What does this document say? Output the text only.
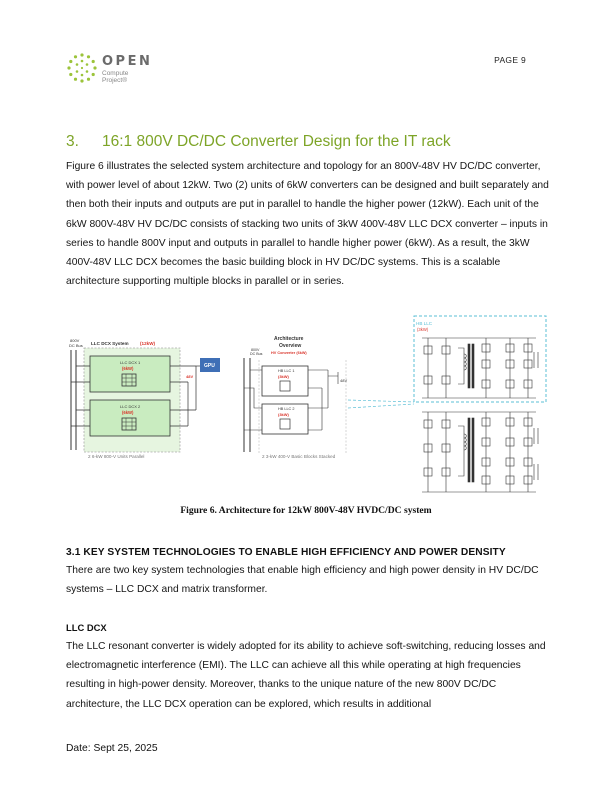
OPEN
Compute
Project®
PAGE 9
3. 16:1 800V DC/DC Converter Design for the IT rack
Figure 6 illustrates the selected system architecture and topology for an 800V-48V HV DC/DC converter, with power level of about 12kW. Two (2) units of 6kW converters can be designed and built separately and then both their inputs and outputs are put in parallel to handle the higher power (12kW). Each unit of the 6kW 800V-48V HV DC/DC consists of stacking two units of 3kW 400V-48V LLC DCX converter – inputs in series to handle 800V input and outputs in parallel to handle higher power (6kW). As a result, the 3kW 400V-48V LLC DCX becomes the basic building block in HV DC/DC systems. This is a scalable architecture supporting multiple blocks in parallel or in series.
800V
DC Bus LLC DCX System (12kW)
LLC DCX 1
(6kW)
LLC DCX 2
(6kW)
GPU
48V
2 6-kW 800-V Units Parallel
Architecture
Overview
HV Converter (6kW)
800V
DC Bus
HB LLC 1
(3kW)
HB LLC 2
(3kW)
48V
2 3-kW 400-V Basic Blocks Stacked
HB LLC
(3kW)
Figure 6. Architecture for 12kW 800V-48V HVDC/DC system
3.1 KEY SYSTEM TECHNOLOGIES TO ENABLE HIGH EFFICIENCY AND POWER DENSITY
There are two key system technologies that enable high efficiency and high power density in HV DC/DC systems – LLC DCX and matrix transformer.
LLC DCX
The LLC resonant converter is widely adopted for its ability to achieve soft-switching, reducing losses and electromagnetic interference (EMI). The LLC can achieve all this while operating at high frequencies resulting in high-power density. Moreover, thanks to the unique nature of the new 800V DC/DC architecture, the LLC DCX operation can be explored, which results in additional
Date: Sept 25, 2025
